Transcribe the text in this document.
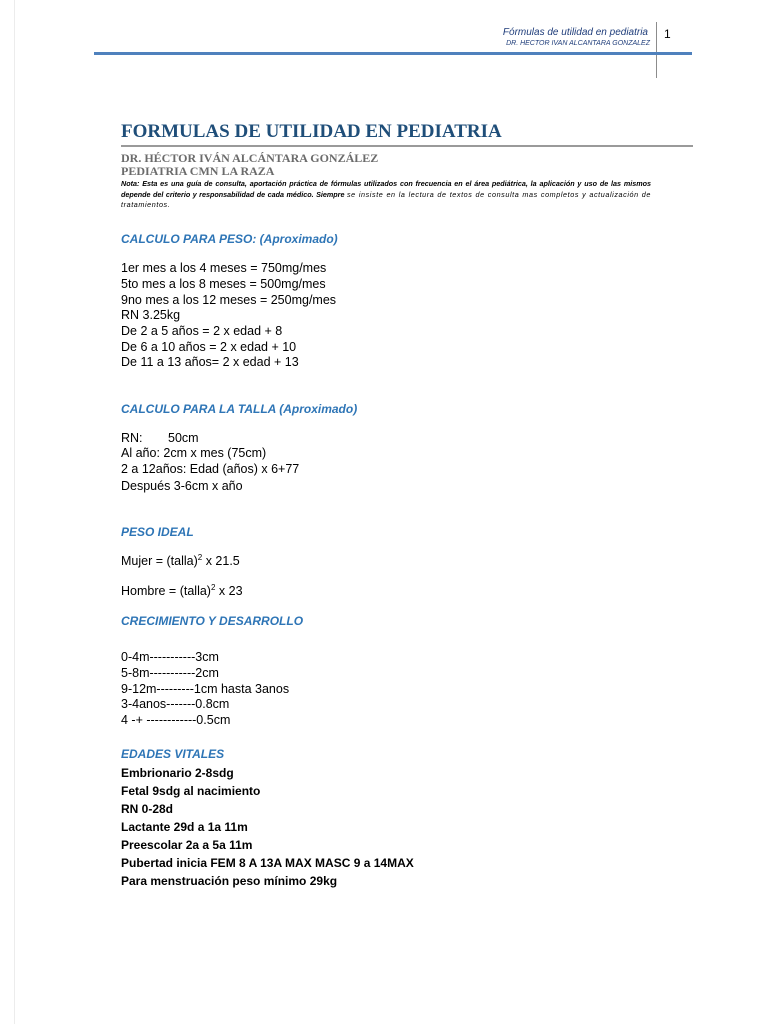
Fórmulas de utilidad en pediatria
DR. HECTOR IVAN ALCANTARA GONZALEZ
1
FORMULAS DE UTILIDAD EN PEDIATRIA
DR. HÉCTOR IVÁN ALCÁNTARA GONZÁLEZ
PEDIATRIA CMN LA RAZA
Nota: Esta es una guía de consulta, aportación práctica de fórmulas utilizados con frecuencia en el área pediátrica, la aplicación y uso de las mismos depende del criterio y responsabilidad de cada médico. Siempre se insiste en la lectura de textos de consulta mas completos y actualización de tratamientos.
CALCULO PARA PESO: (Aproximado)
1er mes a los 4 meses = 750mg/mes
5to mes a los 8 meses = 500mg/mes
9no mes a los 12 meses = 250mg/mes
RN 3.25kg
De 2 a 5 años = 2 x edad + 8
De 6 a 10 años = 2 x edad + 10
De 11 a 13 años= 2 x edad + 13
CALCULO PARA LA TALLA (Aproximado)
RN: 50cm
Al año: 2cm x mes (75cm)
2 a 12años: Edad (años) x 6+77
Después 3-6cm x año
PESO IDEAL
Mujer = (talla)$^2$ x 21.5
Hombre = (talla)$^2$ x 23
CRECIMIENTO Y DESARROLLO
0-4m-----------3cm
5-8m-----------2cm
9-12m---------1cm hasta 3anos
3-4anos-------0.8cm
4 -+ ------------0.5cm
EDADES VITALES
Embrionario 2-8sdg
Fetal 9sdg al nacimiento
RN 0-28d
Lactante 29d a 1a 11m
Preescolar 2a a 5a 11m
Pubertad inicia FEM 8 A 13A MAX MASC 9 a 14MAX
Para menstruación peso mínimo 29kg
